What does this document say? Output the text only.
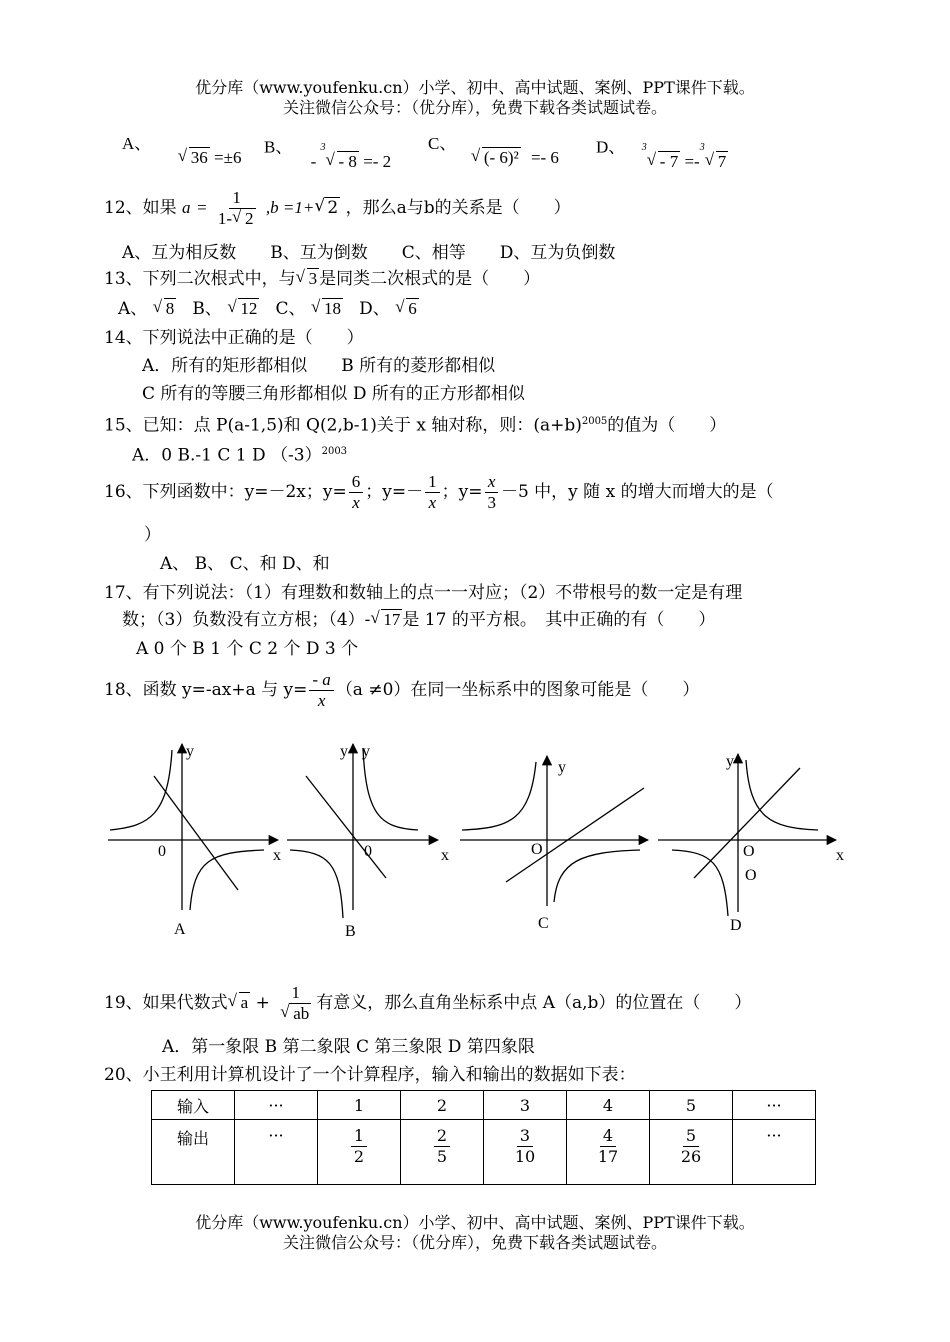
优分库（www.youfenku.cn）小学、初中、高中试题、案例、PPT课件下载。
关注微信公众号：（优分库），免费下载各类试题试卷。
A、  √ 36 =±6
B、 - $^3$√ - 8 =- 2
C、  √ (- 6)² =- 6
D、 $^3$√ - 7 =-$^3$√ 7
12、如果 $a = \frac{1}{1- √ 2} ,b =1+$ √ 2 ，那么a与b的关系是（　　）
A、互为相反数　　B、互为倒数　　C、相等　　D、互为负倒数
13、下列二次根式中，与 √ 3 是同类二次根式的是（　　）
A、 √ 8 B、 √ 12 C、 √ 18 D、 √ 6
14、下列说法中正确的是（　　）
A．所有的矩形都相似　　B 所有的菱形都相似
C 所有的等腰三角形都相似 D 所有的正方形都相似
15、已知：点 P(a-1,5)和 Q(2,b-1)关于 x 轴对称，则：$(a+b)^{2005}$的值为（　　）
A．0 B.-1 C 1 D $(-3)^{2003}$
16、下列函数中：y=－2x；$y= \frac{6}{x}$ ；$y=- \frac{1}{x}$ ；$y= \frac{x}{3} -5$ 中，y 随 x 的增大而增大的是（
）
A、 B、 C、和 D、和
17、有下列说法：（1）有理数和数轴上的点一一对应；（2）不带根号的数一定是有理
数；（3）负数没有立方根；（4）- √ 17 是 17 的平方根。　其中正确的有（　　）
A 0 个 B 1 个 C 2 个 D 3 个
18、函数 y=-ax+a 与 $y= \frac{- a}{x} (a \ne 0)$在同一坐标系中的图象可能是（　　）
y
x
0
A
y y
0	x
B
y
O
C
y
O
O
x
D
19、如果代数式 √ a + 1
√ ab 有意义，那么直角坐标系中点 A（a,b）的位置在（　　）
A．第一象限 B 第二象限 C 第三象限 D 第四象限
20、小王利用计算机设计了一个计算程序，输入和输出的数据如下表：
输入	···	1	2	3	4	5	···
输出	···	$\frac{1}{2}$	$\frac{2}{5}$	$\frac{3}{10}$	$\frac{4}{17}$	$\frac{5}{26}$	···
优分库（www.youfenku.cn）小学、初中、高中试题、案例、PPT课件下载。
关注微信公众号：（优分库），免费下载各类试题试卷。
